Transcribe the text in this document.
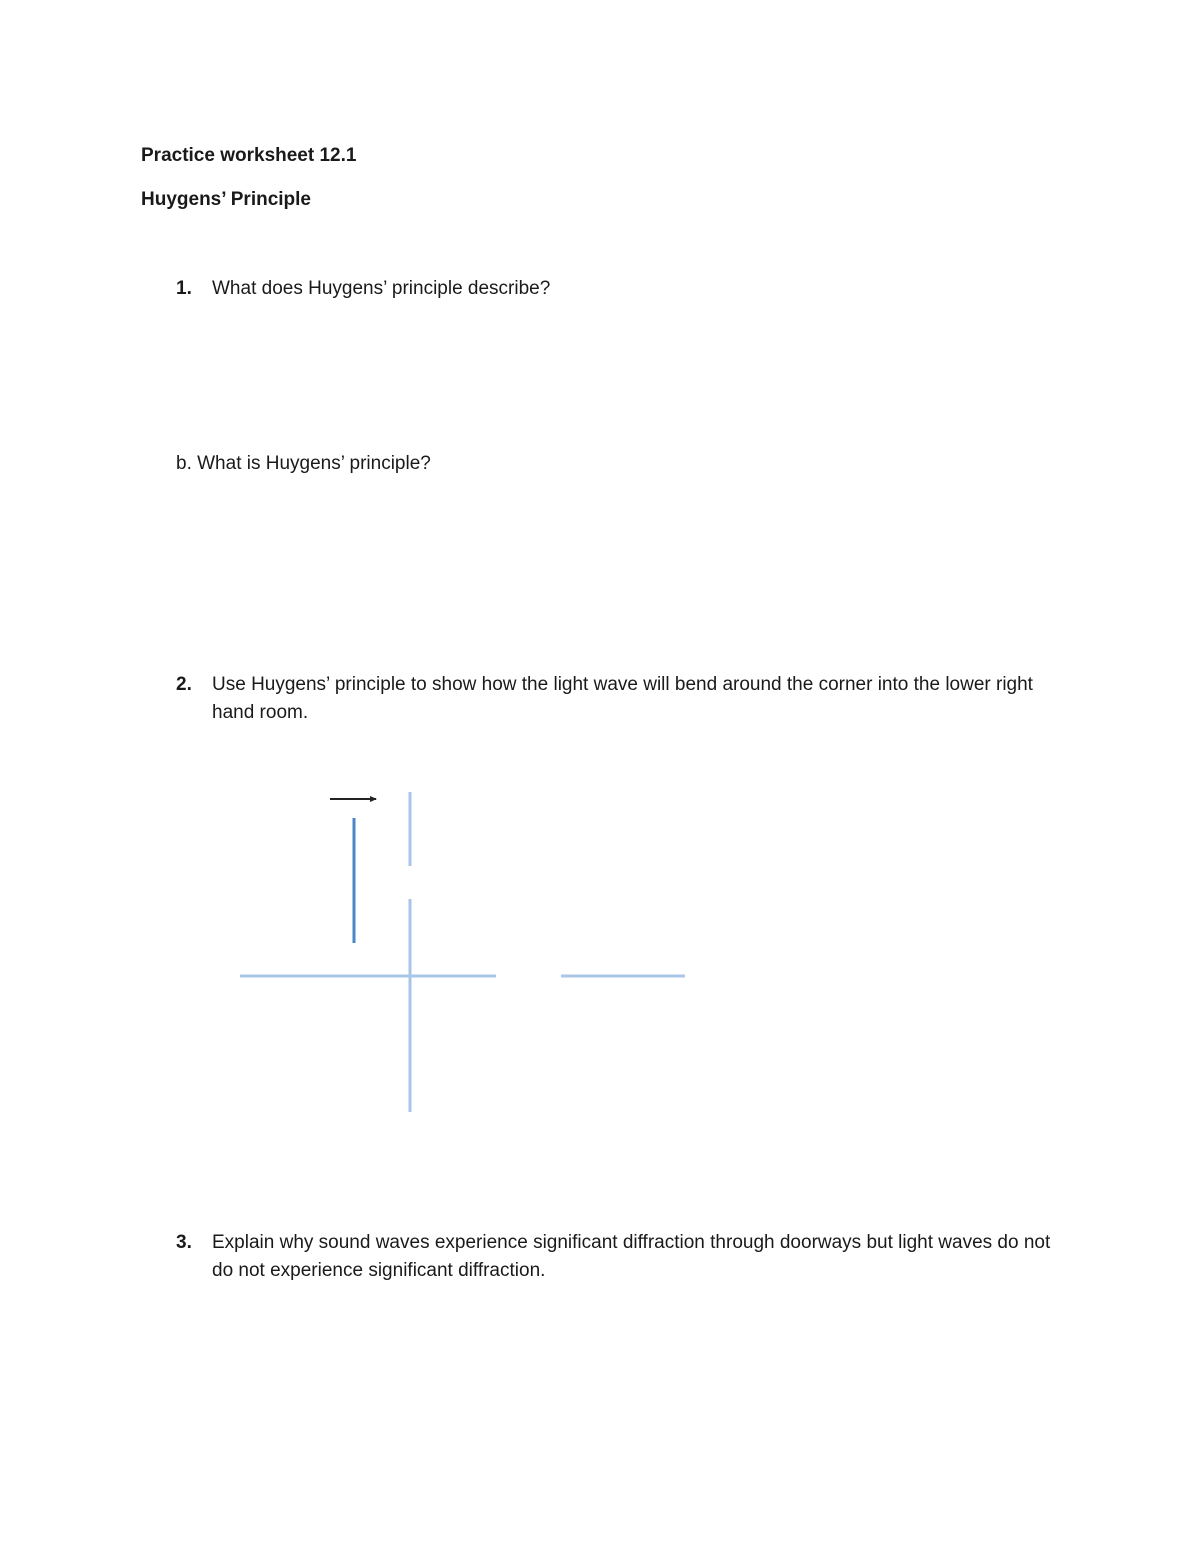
Practice worksheet 12.1
Huygens’ Principle
1. What does Huygens’ principle describe?
b. What is Huygens’ principle?
2. Use Huygens’ principle to show how the light wave will bend around the corner into the lower right hand room.
3. Explain why sound waves experience significant diffraction through doorways but light waves do not do not experience significant diffraction.
